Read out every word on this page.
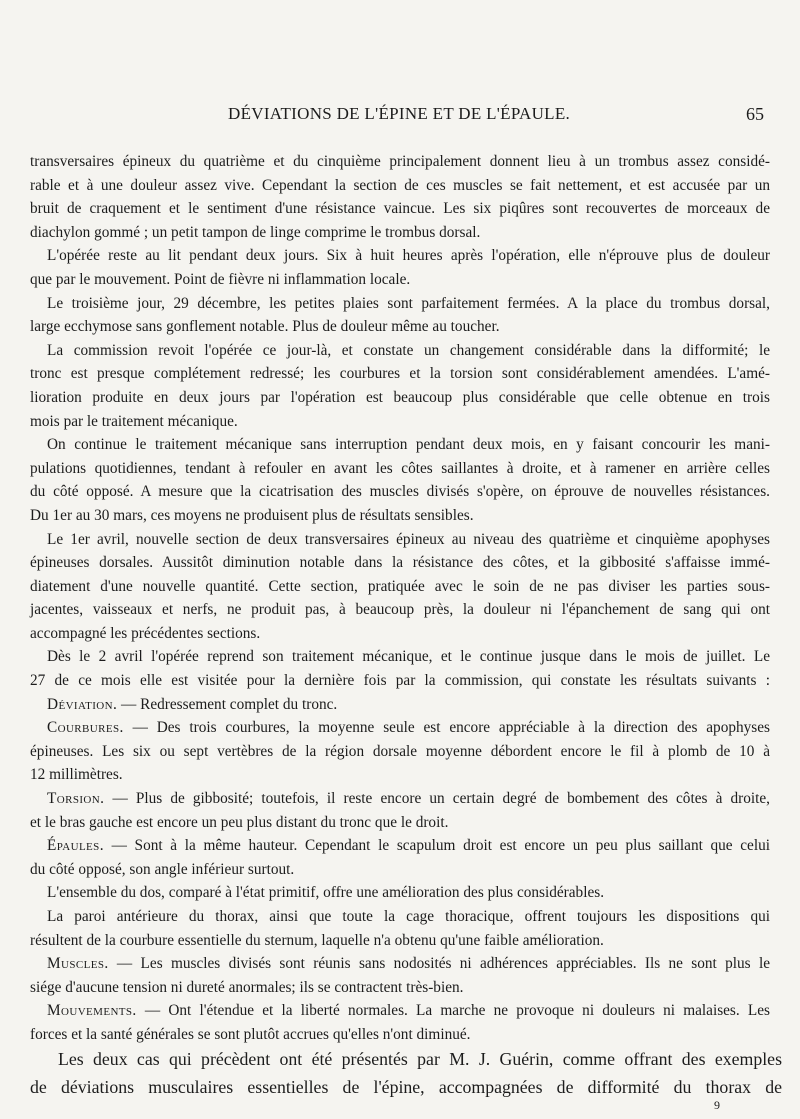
DÉVIATIONS DE L'ÉPINE ET DE L'ÉPAULE.	65
transversaires épineux du quatrième et du cinquième principalement donnent lieu à un trombus assez considé-
rable et à une douleur assez vive. Cependant la section de ces muscles se fait nettement, et est accusée par un
bruit de craquement et le sentiment d'une résistance vaincue. Les six piqûres sont recouvertes de morceaux de
diachylon gommé ; un petit tampon de linge comprime le trombus dorsal.
L'opérée reste au lit pendant deux jours. Six à huit heures après l'opération, elle n'éprouve plus de douleur
que par le mouvement. Point de fièvre ni inflammation locale.
Le troisième jour, 29 décembre, les petites plaies sont parfaitement fermées. A la place du trombus dorsal,
large ecchymose sans gonflement notable. Plus de douleur même au toucher.
La commission revoit l'opérée ce jour-là, et constate un changement considérable dans la difformité; le
tronc est presque complétement redressé; les courbures et la torsion sont considérablement amendées. L'amé-
lioration produite en deux jours par l'opération est beaucoup plus considérable que celle obtenue en trois
mois par le traitement mécanique.
On continue le traitement mécanique sans interruption pendant deux mois, en y faisant concourir les mani-
pulations quotidiennes, tendant à refouler en avant les côtes saillantes à droite, et à ramener en arrière celles
du côté opposé. A mesure que la cicatrisation des muscles divisés s'opère, on éprouve de nouvelles résistances.
Du 1er au 30 mars, ces moyens ne produisent plus de résultats sensibles.
Le 1er avril, nouvelle section de deux transversaires épineux au niveau des quatrième et cinquième apophyses
épineuses dorsales. Aussitôt diminution notable dans la résistance des côtes, et la gibbosité s'affaisse immé-
diatement d'une nouvelle quantité. Cette section, pratiquée avec le soin de ne pas diviser les parties sous-
jacentes, vaisseaux et nerfs, ne produit pas, à beaucoup près, la douleur ni l'épanchement de sang qui ont
accompagné les précédentes sections.
Dès le 2 avril l'opérée reprend son traitement mécanique, et le continue jusque dans le mois de juillet. Le
27 de ce mois elle est visitée pour la dernière fois par la commission, qui constate les résultats suivants :
Déviation. — Redressement complet du tronc.
Courbures. — Des trois courbures, la moyenne seule est encore appréciable à la direction des apophyses
épineuses. Les six ou sept vertèbres de la région dorsale moyenne débordent encore le fil à plomb de 10 à
12 millimètres.
Torsion. — Plus de gibbosité; toutefois, il reste encore un certain degré de bombement des côtes à droite,
et le bras gauche est encore un peu plus distant du tronc que le droit.
Épaules. — Sont à la même hauteur. Cependant le scapulum droit est encore un peu plus saillant que celui
du côté opposé, son angle inférieur surtout.
L'ensemble du dos, comparé à l'état primitif, offre une amélioration des plus considérables.
La paroi antérieure du thorax, ainsi que toute la cage thoracique, offrent toujours les dispositions qui
résultent de la courbure essentielle du sternum, laquelle n'a obtenu qu'une faible amélioration.
Muscles. — Les muscles divisés sont réunis sans nodosités ni adhérences appréciables. Ils ne sont plus le
siége d'aucune tension ni dureté anormales; ils se contractent très-bien.
Mouvements. — Ont l'étendue et la liberté normales. La marche ne provoque ni douleurs ni malaises. Les
forces et la santé générales se sont plutôt accrues qu'elles n'ont diminué.
Les deux cas qui précèdent ont été présentés par M. J. Guérin, comme offrant des exemples
de déviations musculaires essentielles de l'épine, accompagnées de difformité du thorax de
9
